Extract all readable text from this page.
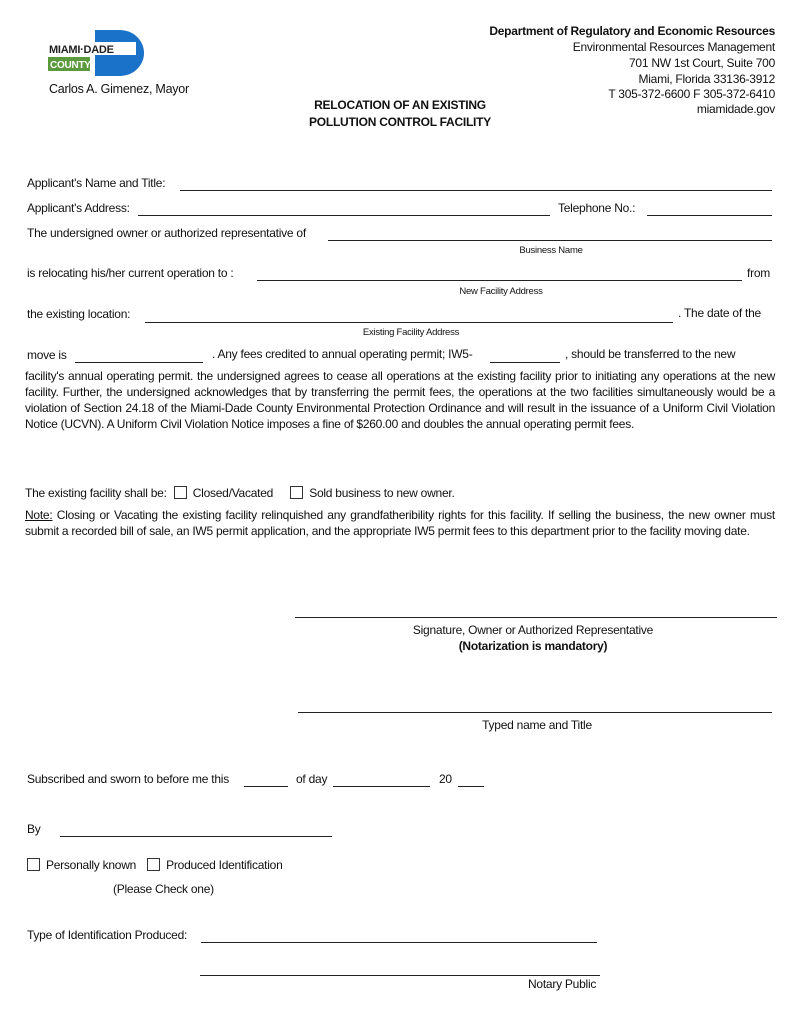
MIAMI·DADE
COUNTY
Carlos A. Gimenez, Mayor
Department of Regulatory and Economic Resources
Environmental Resources Management
701 NW 1st Court, Suite 700
Miami, Florida 33136-3912
T 305-372-6600 F 305-372-6410
miamidade.gov
RELOCATION OF AN EXISTING
POLLUTION CONTROL FACILITY
Applicant's Name and Title:
Applicant's Address:	Telephone No.:
The undersigned owner or authorized representative of
Business Name
is relocating his/her current operation to :	from
New Facility Address
the existing location:	. The date of the
Existing Facility Address
move is	. Any fees credited to annual operating permit; IW5-	, should be transferred to the new
facility's annual operating permit. the undersigned agrees to cease all operations at the existing facility prior to initiating any operations at the new facility. Further, the undersigned acknowledges that by transferring the permit fees, the operations at the two facilities simultaneously would be a violation of Section 24.18 of the Miami-Dade County Environmental Protection Ordinance and will result in the issuance of a Uniform Civil Violation Notice (UCVN). A Uniform Civil Violation Notice imposes a fine of $260.00 and doubles the annual operating permit fees.
The existing facility shall be: Closed/Vacated	Sold business to new owner.
Note: Closing or Vacating the existing facility relinquished any grandfatheribility rights for this facility. If selling the business, the new owner must submit a recorded bill of sale, an IW5 permit application, and the appropriate IW5 permit fees to this department prior to the facility moving date.
Signature, Owner or Authorized Representative
(Notarization is mandatory)
Typed name and Title
Subscribed and sworn to before me this	of day	20
By
Personally known	Produced Identification
(Please Check one)
Type of Identification Produced:
Notary Public
